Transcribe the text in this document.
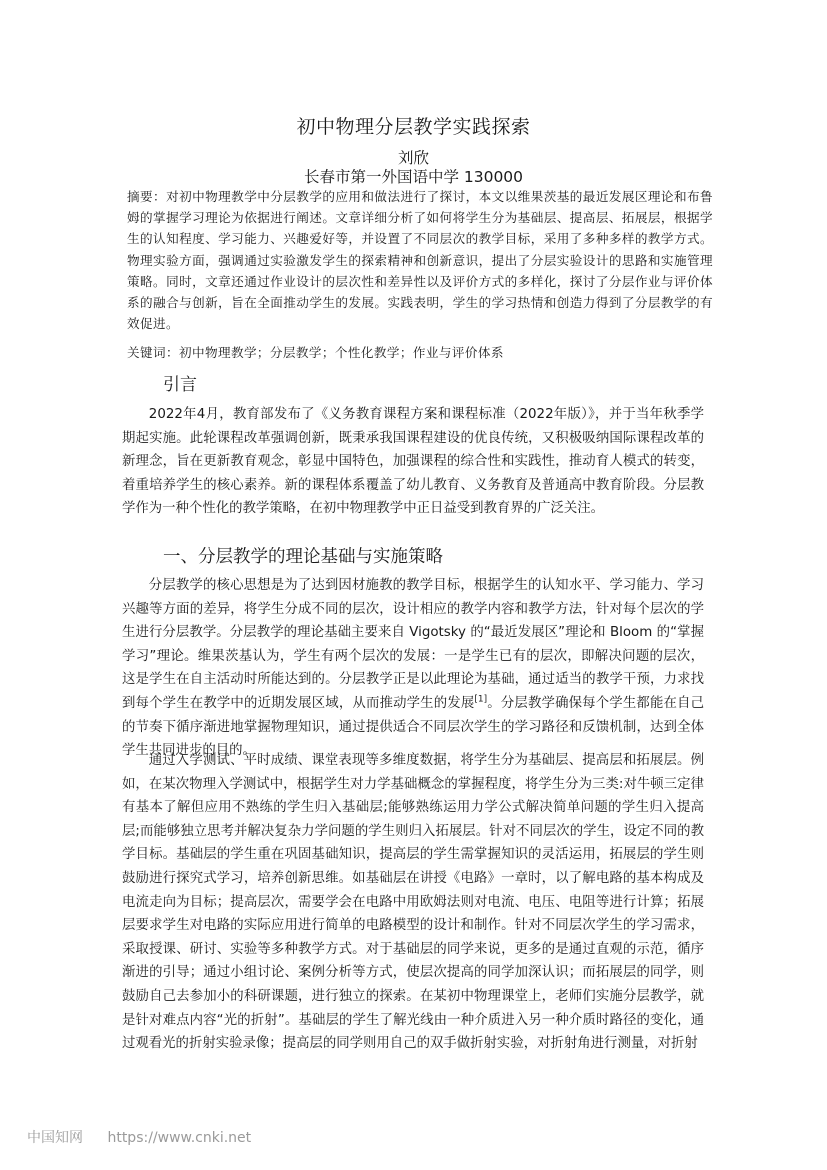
初中物理分层教学实践探索
刘欣
长春市第一外国语中学 130000
摘要：对初中物理教学中分层教学的应用和做法进行了探讨，本文以维果茨基的最近发展区理论和布鲁姆的掌握学习理论为依据进行阐述。文章详细分析了如何将学生分为基础层、提高层、拓展层，根据学生的认知程度、学习能力、兴趣爱好等，并设置了不同层次的教学目标，采用了多种多样的教学方式。物理实验方面，强调通过实验激发学生的探索精神和创新意识，提出了分层实验设计的思路和实施管理策略。同时，文章还通过作业设计的层次性和差异性以及评价方式的多样化，探讨了分层作业与评价体系的融合与创新，旨在全面推动学生的发展。实践表明，学生的学习热情和创造力得到了分层教学的有效促进。
关键词：初中物理教学；分层教学；个性化教学；作业与评价体系
引言
2022年4月，教育部发布了《义务教育课程方案和课程标准（2022年版）》，并于当年秋季学期起实施。此轮课程改革强调创新，既秉承我国课程建设的优良传统，又积极吸纳国际课程改革的新理念，旨在更新教育观念，彰显中国特色，加强课程的综合性和实践性，推动育人模式的转变，着重培养学生的核心素养。新的课程体系覆盖了幼儿教育、义务教育及普通高中教育阶段。分层教学作为一种个性化的教学策略，在初中物理教学中正日益受到教育界的广泛关注。
一、分层教学的理论基础与实施策略
分层教学的核心思想是为了达到因材施教的教学目标，根据学生的认知水平、学习能力、学习兴趣等方面的差异，将学生分成不同的层次，设计相应的教学内容和教学方法，针对每个层次的学生进行分层教学。分层教学的理论基础主要来自 Vigotsky 的“最近发展区”理论和 Bloom 的“掌握学习”理论。维果茨基认为，学生有两个层次的发展：一是学生已有的层次，即解决问题的层次，这是学生在自主活动时所能达到的。分层教学正是以此理论为基础，通过适当的教学干预，力求找到每个学生在教学中的近期发展区域，从而推动学生的发展[1]。分层教学确保每个学生都能在自己的节奏下循序渐进地掌握物理知识，通过提供适合不同层次学生的学习路径和反馈机制，达到全体学生共同进步的目的。
通过入学测试、平时成绩、课堂表现等多维度数据，将学生分为基础层、提高层和拓展层。例如，在某次物理入学测试中，根据学生对力学基础概念的掌握程度，将学生分为三类:对牛顿三定律有基本了解但应用不熟练的学生归入基础层;能够熟练运用力学公式解决简单问题的学生归入提高层;而能够独立思考并解决复杂力学问题的学生则归入拓展层。针对不同层次的学生，设定不同的教学目标。基础层的学生重在巩固基础知识，提高层的学生需掌握知识的灵活运用，拓展层的学生则鼓励进行探究式学习，培养创新思维。如基础层在讲授《电路》一章时，以了解电路的基本构成及电流走向为目标；提高层次，需要学会在电路中用欧姆法则对电流、电压、电阻等进行计算；拓展层要求学生对电路的实际应用进行简单的电路模型的设计和制作。针对不同层次学生的学习需求，采取授课、研讨、实验等多种教学方式。对于基础层的同学来说，更多的是通过直观的示范，循序渐进的引导；通过小组讨论、案例分析等方式，使层次提高的同学加深认识；而拓展层的同学，则鼓励自己去参加小的科研课题，进行独立的探索。在某初中物理课堂上，老师们实施分层教学，就是针对难点内容“光的折射”。基础层的学生了解光线由一种介质进入另一种介质时路径的变化，通过观看光的折射实验录像；提高层的同学则用自己的双手做折射实验，对折射角进行测量，对折射
中国知网 https://www.cnki.net
